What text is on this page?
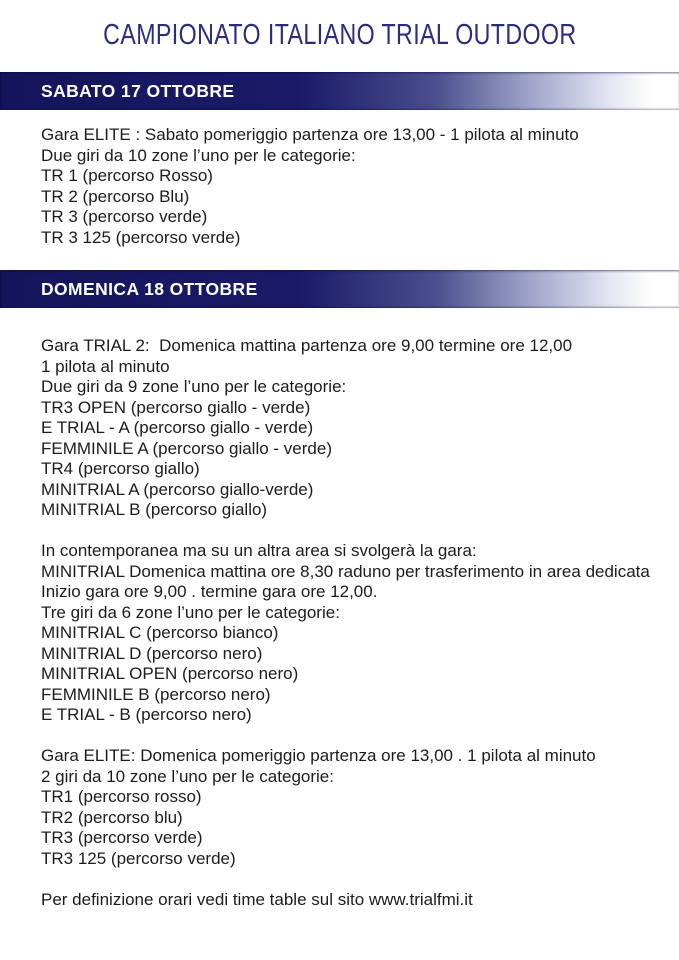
CAMPIONATO ITALIANO TRIAL OUTDOOR
SABATO 17 OTTOBRE
Gara ELITE : Sabato pomeriggio partenza ore 13,00 - 1 pilota al minuto
Due giri da 10 zone l’uno per le categorie:
TR 1 (percorso Rosso)
TR 2 (percorso Blu)
TR 3 (percorso verde)
TR 3 125 (percorso verde)
DOMENICA 18 OTTOBRE
Gara TRIAL 2:  Domenica mattina partenza ore 9,00 termine ore 12,00
1 pilota al minuto
Due giri da 9 zone l’uno per le categorie:
TR3 OPEN (percorso giallo - verde)
E TRIAL - A (percorso giallo - verde)
FEMMINILE A (percorso giallo - verde)
TR4 (percorso giallo)
MINITRIAL A (percorso giallo-verde)
MINITRIAL B (percorso giallo)
In contemporanea ma su un altra area si svolgerà la gara:
MINITRIAL Domenica mattina ore 8,30 raduno per trasferimento in area dedicata
Inizio gara ore 9,00 . termine gara ore 12,00.
Tre giri da 6 zone l’uno per le categorie:
MINITRIAL C (percorso bianco)
MINITRIAL D (percorso nero)
MINITRIAL OPEN (percorso nero)
FEMMINILE B (percorso nero)
E TRIAL - B (percorso nero)
Gara ELITE: Domenica pomeriggio partenza ore 13,00 . 1 pilota al minuto
2 giri da 10 zone l’uno per le categorie:
TR1 (percorso rosso)
TR2 (percorso blu)
TR3 (percorso verde)
TR3 125 (percorso verde)
Per definizione orari vedi time table sul sito www.trialfmi.it
